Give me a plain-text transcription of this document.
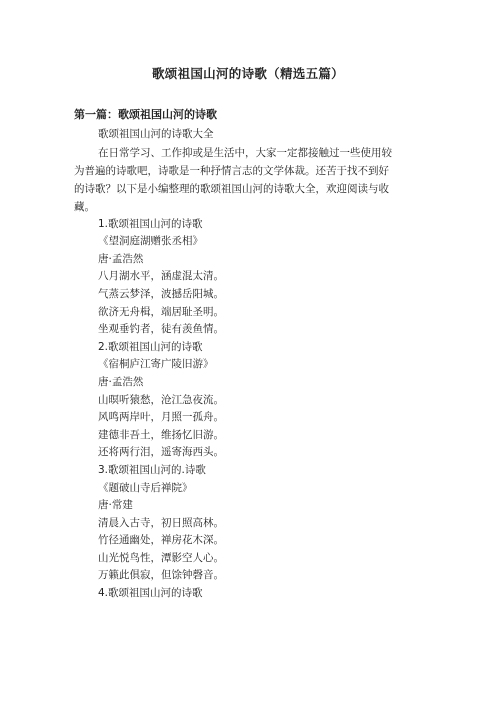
歌颂祖国山河的诗歌（精选五篇）
第一篇：歌颂祖国山河的诗歌

歌颂祖国山河的诗歌大全

在日常学习、工作抑或是生活中，大家一定都接触过一些使用较

为普遍的诗歌吧，诗歌是一种抒情言志的文学体裁。还苦于找不到好

的诗歌？以下是小编整理的歌颂祖国山河的诗歌大全，欢迎阅读与收

藏。

1.歌颂祖国山河的诗歌

《望洞庭湖赠张丞相》

唐·孟浩然

八月湖水平，涵虚混太清。

气蒸云梦泽，波撼岳阳城。

欲济无舟楫，端居耻圣明。

坐观垂钓者，徒有羡鱼情。

2.歌颂祖国山河的诗歌

《宿桐庐江寄广陵旧游》

唐·孟浩然

山暝听猿愁，沧江急夜流。

风鸣两岸叶，月照一孤舟。

建德非吾土，维扬忆旧游。

还将两行泪，遥寄海西头。

3.歌颂祖国山河的.诗歌

《题破山寺后禅院》

唐·常建

清晨入古寺，初日照高林。

竹径通幽处，禅房花木深。

山光悦鸟性，潭影空人心。

万籁此俱寂，但馀钟磬音。

4.歌颂祖国山河的诗歌
